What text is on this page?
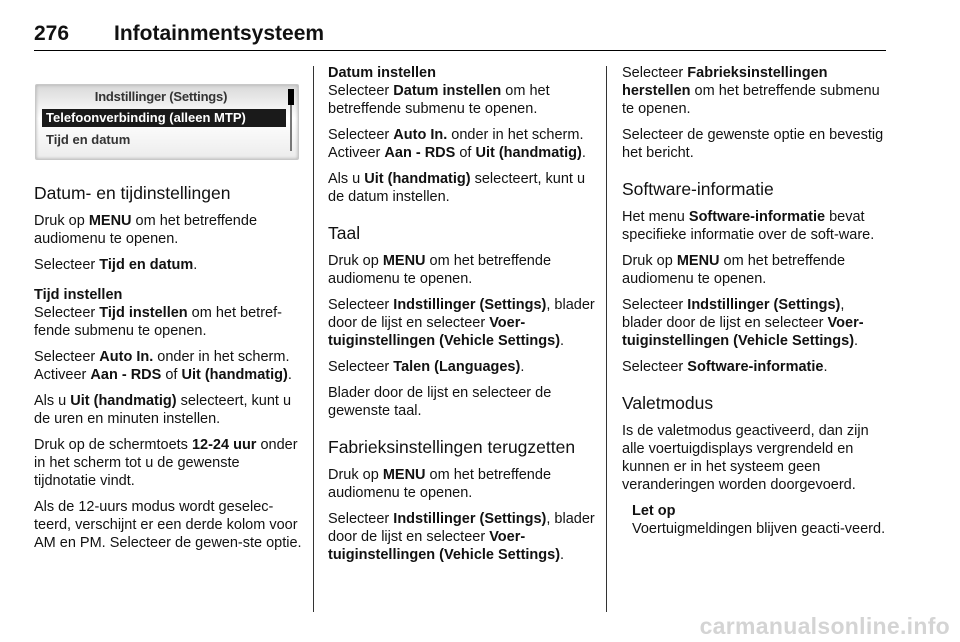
276 Infotainmentsysteem
Indstillinger (Settings)
Telefoonverbinding (alleen MTP)
Tijd en datum
Datum- en tijdinstellingen

Druk op MENU om het betreffende audiomenu te openen.

Selecteer Tijd en datum.

Tijd instellen

Selecteer Tijd instellen om het betref-fende submenu te openen.

Selecteer Auto In. onder in het scherm. Activeer Aan - RDS of Uit (handmatig).

Als u Uit (handmatig) selecteert, kunt u de uren en minuten instellen.

Druk op de schermtoets 12-24 uur onder in het scherm tot u de gewenste tijdnotatie vindt.

Als de 12-uurs modus wordt geselec-teerd, verschijnt er een derde kolom voor AM en PM. Selecteer de gewen-ste optie.

Datum instellen

Selecteer Datum instellen om het betreffende submenu te openen.

Selecteer Auto In. onder in het scherm. Activeer Aan - RDS of Uit (handmatig).

Als u Uit (handmatig) selecteert, kunt u de datum instellen.

Taal

Druk op MENU om het betreffende audiomenu te openen.

Selecteer Indstillinger (Settings), blader door de lijst en selecteer Voer-tuiginstellingen (Vehicle Settings).

Selecteer Talen (Languages).

Blader door de lijst en selecteer de gewenste taal.

Fabrieksinstellingen terugzetten

Druk op MENU om het betreffende audiomenu te openen.

Selecteer Indstillinger (Settings), blader door de lijst en selecteer Voer-tuiginstellingen (Vehicle Settings).

Selecteer Fabrieksinstellingen herstellen om het betreffende submenu te openen.

Selecteer de gewenste optie en bevestig het bericht.

Software-informatie

Het menu Software-informatie bevat specifieke informatie over de soft-ware.

Druk op MENU om het betreffende audiomenu te openen.

Selecteer Indstillinger (Settings), blader door de lijst en selecteer Voer-tuiginstellingen (Vehicle Settings).

Selecteer Software-informatie.

Valetmodus

Is de valetmodus geactiveerd, dan zijn alle voertuigdisplays vergrendeld en kunnen er in het systeem geen veranderingen worden doorgevoerd.

Let op
Voertuigmeldingen blijven geacti-veerd.
carmanualsonline.info
